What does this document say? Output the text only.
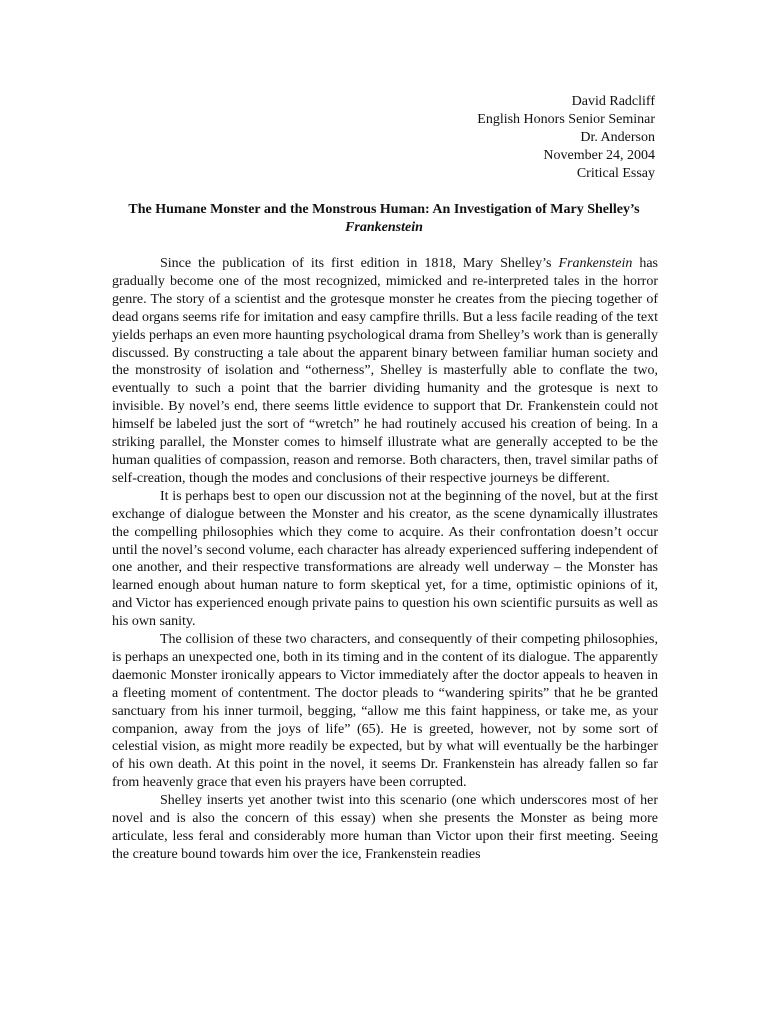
David Radcliff
English Honors Senior Seminar
Dr. Anderson
November 24, 2004
Critical Essay
The Humane Monster and the Monstrous Human: An Investigation of Mary Shelley’s Frankenstein

Since the publication of its first edition in 1818, Mary Shelley’s Frankenstein has gradually become one of the most recognized, mimicked and re-interpreted tales in the horror genre. The story of a scientist and the grotesque monster he creates from the piecing together of dead organs seems rife for imitation and easy campfire thrills. But a less facile reading of the text yields perhaps an even more haunting psychological drama from Shelley’s work than is generally discussed. By constructing a tale about the apparent binary between familiar human society and the monstrosity of isolation and “otherness”, Shelley is masterfully able to conflate the two, eventually to such a point that the barrier dividing humanity and the grotesque is next to invisible. By novel’s end, there seems little evidence to support that Dr. Frankenstein could not himself be labeled just the sort of “wretch” he had routinely accused his creation of being. In a striking parallel, the Monster comes to himself illustrate what are generally accepted to be the human qualities of compassion, reason and remorse. Both characters, then, travel similar paths of self-creation, though the modes and conclusions of their respective journeys be different.

It is perhaps best to open our discussion not at the beginning of the novel, but at the first exchange of dialogue between the Monster and his creator, as the scene dynamically illustrates the compelling philosophies which they come to acquire. As their confrontation doesn’t occur until the novel’s second volume, each character has already experienced suffering independent of one another, and their respective transformations are already well underway – the Monster has learned enough about human nature to form skeptical yet, for a time, optimistic opinions of it, and Victor has experienced enough private pains to question his own scientific pursuits as well as his own sanity.

The collision of these two characters, and consequently of their competing philosophies, is perhaps an unexpected one, both in its timing and in the content of its dialogue. The apparently daemonic Monster ironically appears to Victor immediately after the doctor appeals to heaven in a fleeting moment of contentment. The doctor pleads to “wandering spirits” that he be granted sanctuary from his inner turmoil, begging, “allow me this faint happiness, or take me, as your companion, away from the joys of life” (65). He is greeted, however, not by some sort of celestial vision, as might more readily be expected, but by what will eventually be the harbinger of his own death. At this point in the novel, it seems Dr. Frankenstein has already fallen so far from heavenly grace that even his prayers have been corrupted.

Shelley inserts yet another twist into this scenario (one which underscores most of her novel and is also the concern of this essay) when she presents the Monster as being more articulate, less feral and considerably more human than Victor upon their first meeting. Seeing the creature bound towards him over the ice, Frankenstein readies
